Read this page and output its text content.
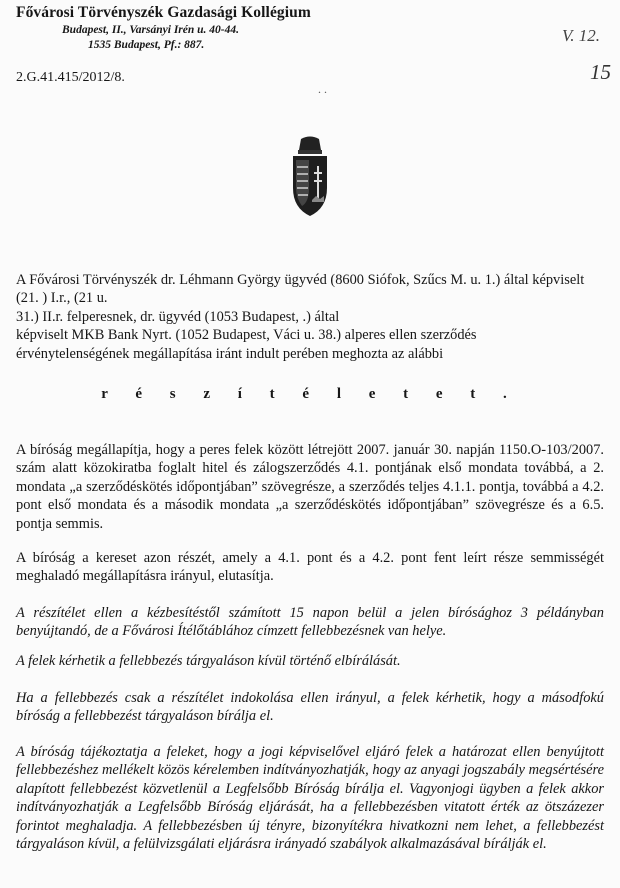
Fővárosi Törvényszék Gazdasági Kollégium
Budapest, II., Varsányi Irén u. 40-44.
1535 Budapest, Pf.: 887.
2.G.41.415/2012/8.
. .
V. 12.
15

A Fővárosi Törvényszék dr. Léhmann György ügyvéd (8600 Siófok, Szűcs M. u. 1.) által képviselt

(21. ) I.r., (21 u.

31.) II.r. felperesnek, dr. ügyvéd (1053 Budapest, .) által

képviselt MKB Bank Nyrt. (1052 Budapest, Váci u. 38.) alperes ellen szerződés

érvénytelenségének megállapítása iránt indult perében meghozta az alábbi

r é s z í t é l e t e t .
A bíróság megállapítja, hogy a peres felek között létrejött 2007. január 30. napján 1150.O-103/2007. szám alatt közokiratba foglalt hitel és zálogszerződés 4.1. pontjának első mondata továbbá, a 2. mondata „a szerződéskötés időpontjában” szövegrésze, a szerződés teljes 4.1.1. pontja, továbbá a 4.2. pont első mondata és a második mondata „a szerződéskötés időpontjában” szövegrésze és a 6.5. pontja semmis.
A bíróság a kereset azon részét, amely a 4.1. pont és a 4.2. pont fent leírt része semmisségét meghaladó megállapításra irányul, elutasítja.
A részítélet ellen a kézbesítéstől számított 15 napon belül a jelen bírósághoz 3 példányban benyújtandó, de a Fővárosi Ítélőtáblához címzett fellebbezésnek van helye.
A felek kérhetik a fellebbezés tárgyaláson kívül történő elbírálását.
Ha a fellebbezés csak a részítélet indokolása ellen irányul, a felek kérhetik, hogy a másodfokú bíróság a fellebbezést tárgyaláson bírálja el.
A bíróság tájékoztatja a feleket, hogy a jogi képviselővel eljáró felek a határozat ellen benyújtott fellebbezéshez mellékelt közös kérelemben indítványozhatják, hogy az anyagi jogszabály megsértésére alapított fellebbezést közvetlenül a Legfelsőbb Bíróság bírálja el. Vagyonjogi ügyben a felek akkor indítványozhatják a Legfelsőbb Bíróság eljárását, ha a fellebbezésben vitatott érték az ötszázezer forintot meghaladja. A fellebbezésben új tényre, bizonyítékra hivatkozni nem lehet, a fellebbezést tárgyaláson kívül, a felülvizsgálati eljárásra irányadó szabályok alkalmazásával bírálják el.
